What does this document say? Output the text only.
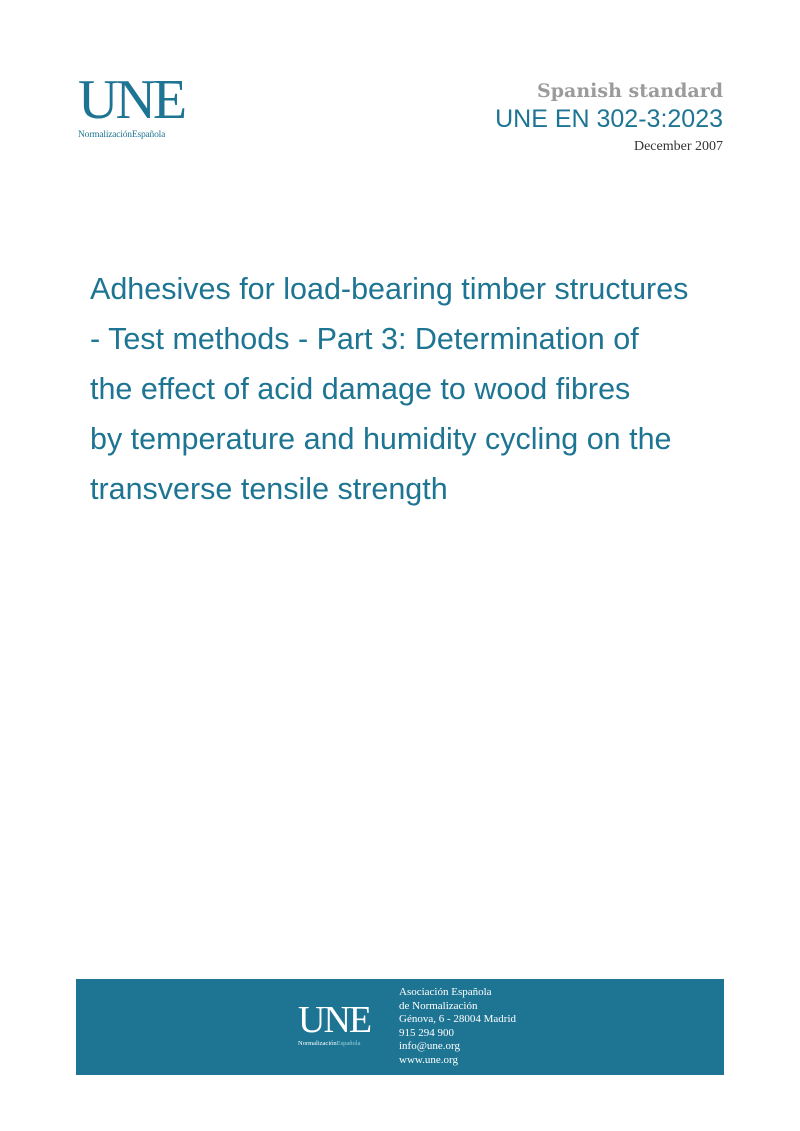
UNE
NormalizaciónEspañola
Spanish standard
UNE EN 302-3:2023
December 2007
Adhesives for load-bearing timber structures
- Test methods - Part 3: Determination of
the effect of acid damage to wood fibres
by temperature and humidity cycling on the
transverse tensile strength
UNE
NormalizaciónEspañola
Asociación Española
de Normalización
Génova, 6 - 28004 Madrid
915 294 900
info@une.org
www.une.org
